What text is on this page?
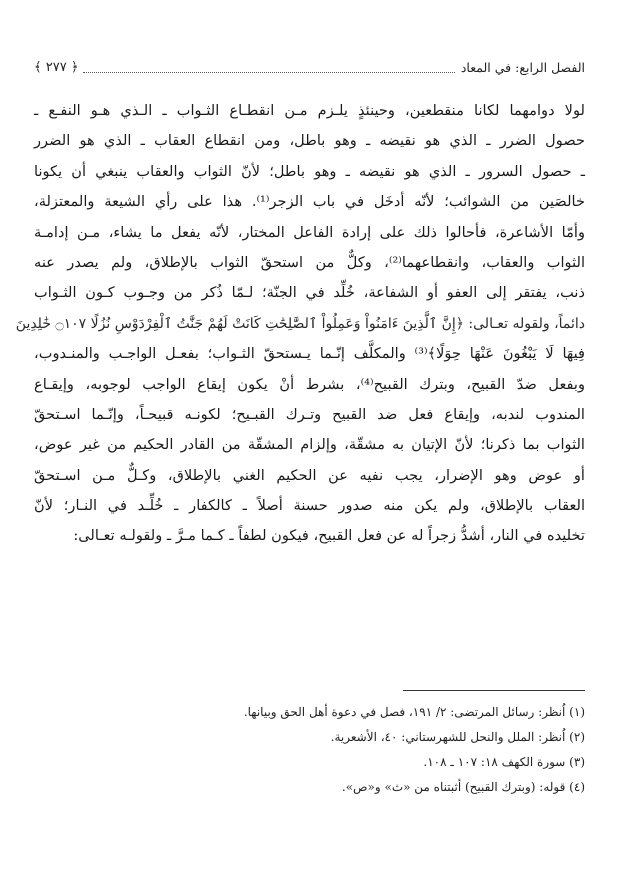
الفصل الرابع: في المعاد
﴿ ٢٧٧ ﴾
لولا دوامهما لكانا منقطعين، وحينئذٍ يلـزم مـن انقطـاع الثـواب ـ الـذي هـو النفـع ـ
حصول الضرر ـ الذي هو نقيضه ـ وهو باطل، ومن انقطاع العقاب ـ الذي هو الضرر
ـ حصول السرور ـ الذي هو نقيضه ـ وهو باطل؛ لأنّ الثواب والعقاب ينبغي أن يكونا
خالصَين من الشوائب؛ لأنّه أدخَل في باب الزجر⁽¹⁾. هذا على رأي الشيعة والمعتزلة،
وأمّا الأشاعرة، فأحالوا ذلك على إرادة الفاعل المختار، لأنّه يفعل ما يشاء، مـن إدامـة
الثواب والعقاب، وانقطاعهما⁽²⁾، وكلٌّ من استحقّ الثواب بالإطلاق، ولم يصدر عنه
ذنب، يفتقر إلى العفو أو الشفاعة، خُلِّد في الجنّة؛ لـمّا ذُكر من وجـوب كـون الثـواب
دائماً، ولقوله تعـالى: ﴿إِنَّ ٱلَّذِينَ ءَامَنُواْ وَعَمِلُواْ ٱلصَّٰلِحَٰتِ كَانَتْ لَهُمْ جَنَّٰتُ ٱلْفِرْدَوْسِ نُزُلًا ۝١٠٧ خَٰلِدِينَ
فِيهَا لَا يَبْغُونَ عَنْهَا حِوَلًا﴾⁽³⁾ والمكلَّف إنّـما يـستحقّ الثـواب؛ بفعـل الواجـب والمنـدوب،
وبفعل ضدّ القبيح، وبترك القبيح⁽⁴⁾، بشرط أنْ يكون إيقاع الواجب لوجوبه، وإيقـاع
المندوب لندبه، وإيقاع فعل ضد القبيح وتـرك القبـيح؛ لكونـه قبيحـاً، وإنّـما اسـتحقّ
الثواب بما ذكرنا؛ لأنّ الإتيان به مشقّة، وإلزام المشقّة من القادر الحكيم من غير عوض،
أو عوض وهو الإضرار، يجب نفيه عن الحكيم الغني بالإطلاق، وكـلٌّ مـن اسـتحقّ
العقاب بالإطلاق، ولم يكن منه صدور حسنة أصلاً ـ كالكفار ـ خُلِّـد في النـار؛ لأنّ
تخليده في النار، أشدُّ زجراً له عن فعل القبيح، فيكون لطفاً ـ كـما مـرَّ ـ ولقولـه تعـالى:
(١) اُنظر: رسائل المرتضى: ٢/ ١٩١، فصل في دعوة أهل الحق وبيانها.
(٢) اُنظر: الملل والنحل للشهرستاني: ٤٠، الأشعرية.
(٣) سورة الكهف ١٨: ١٠٧ ـ ١٠٨.
(٤) قوله: (وبترك القبيح) أثبتناه من «ث» و«ص».
